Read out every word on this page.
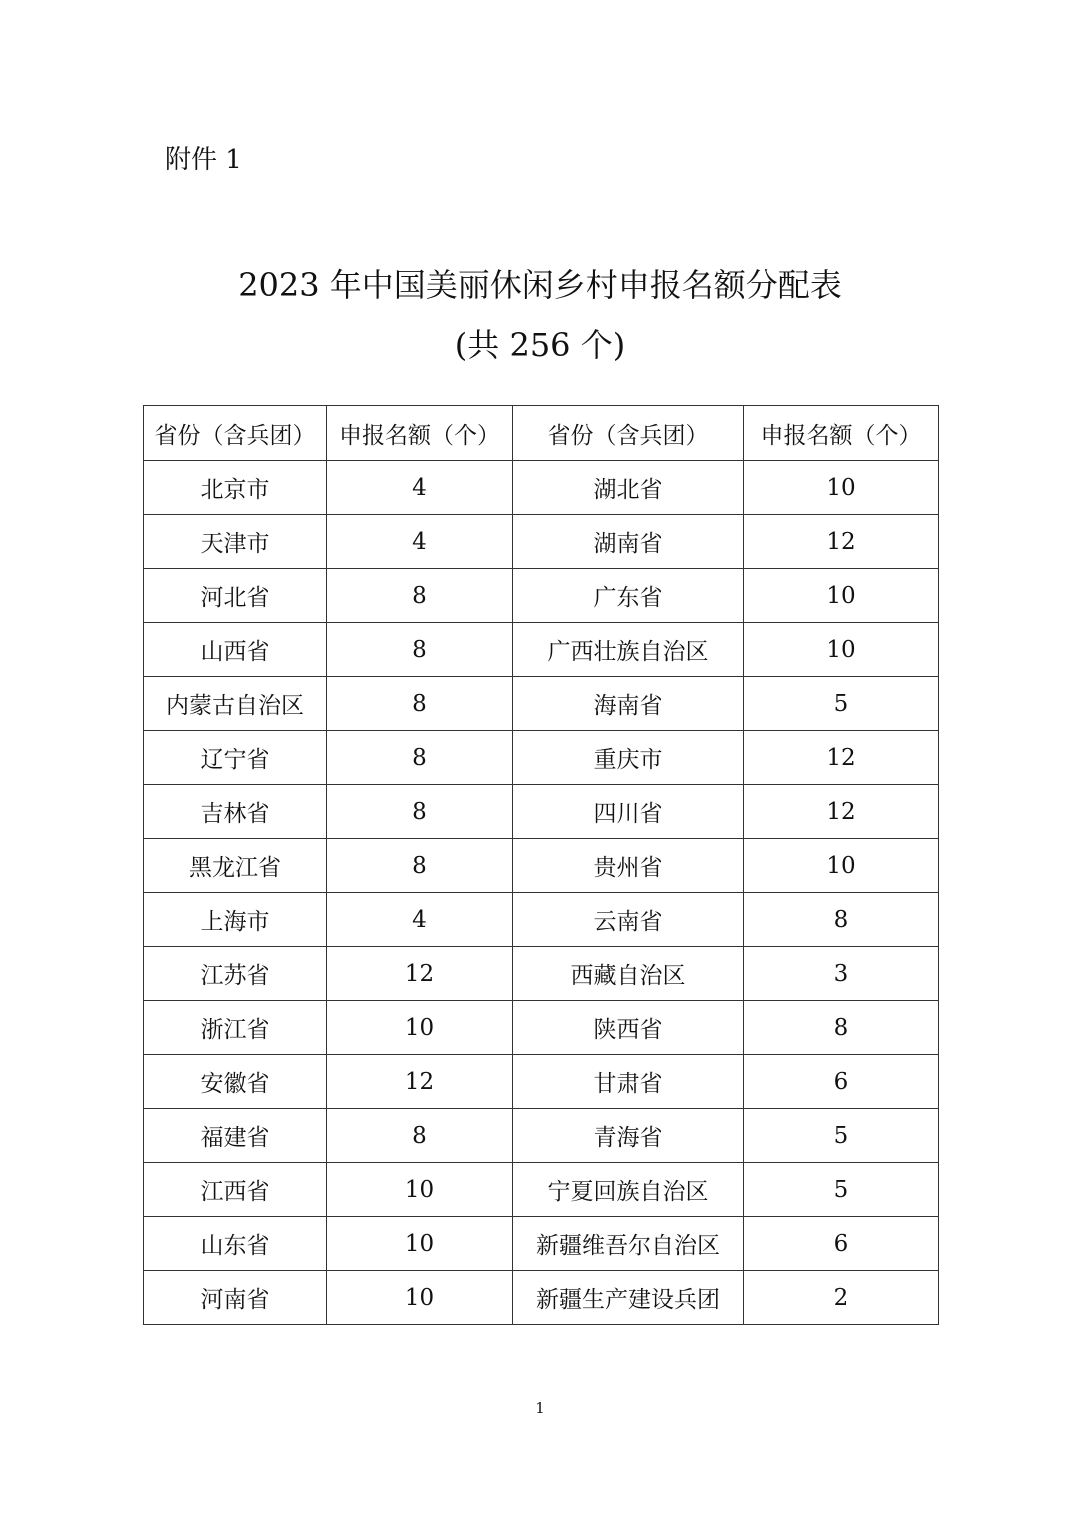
附件 1
2023 年中国美丽休闲乡村申报名额分配表
(共 256 个)
省份（含兵团）	申报名额（个）	省份（含兵团）	申报名额（个）
北京市	4	湖北省	10
天津市	4	湖南省	12
河北省	8	广东省	10
山西省	8	广西壮族自治区	10
内蒙古自治区	8	海南省	5
辽宁省	8	重庆市	12
吉林省	8	四川省	12
黑龙江省	8	贵州省	10
上海市	4	云南省	8
江苏省	12	西藏自治区	3
浙江省	10	陕西省	8
安徽省	12	甘肃省	6
福建省	8	青海省	5
江西省	10	宁夏回族自治区	5
山东省	10	新疆维吾尔自治区	6
河南省	10	新疆生产建设兵团	2
1
